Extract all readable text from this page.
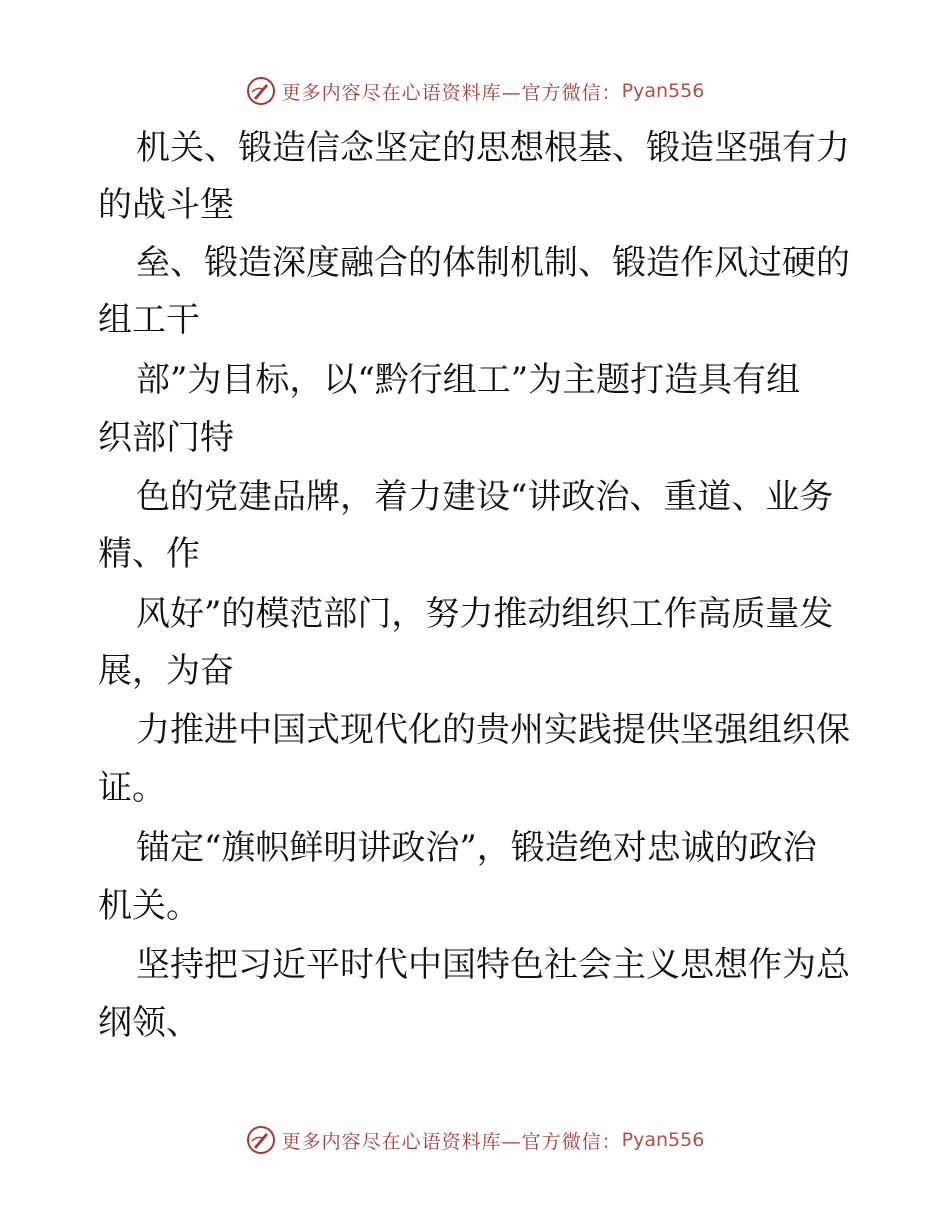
更多内容尽在心语资料库—官方微信： Pyan556
机关、锻造信念坚定的思想根基、锻造坚强有力
的战斗堡
垒、锻造深度融合的体制机制、锻造作风过硬的
组工干
部”为目标，以“黔行组工”为主题打造具有组
织部门特
色的党建品牌，着力建设“讲政治、重道、业务
精、作
风好”的模范部门，努力推动组织工作高质量发
展，为奋
力推进中国式现代化的贵州实践提供坚强组织保
证。
锚定“旗帜鲜明讲政治”，锻造绝对忠诚的政治
机关。
坚持把习近平时代中国特色社会主义思想作为总
纲领、
更多内容尽在心语资料库—官方微信： Pyan556
